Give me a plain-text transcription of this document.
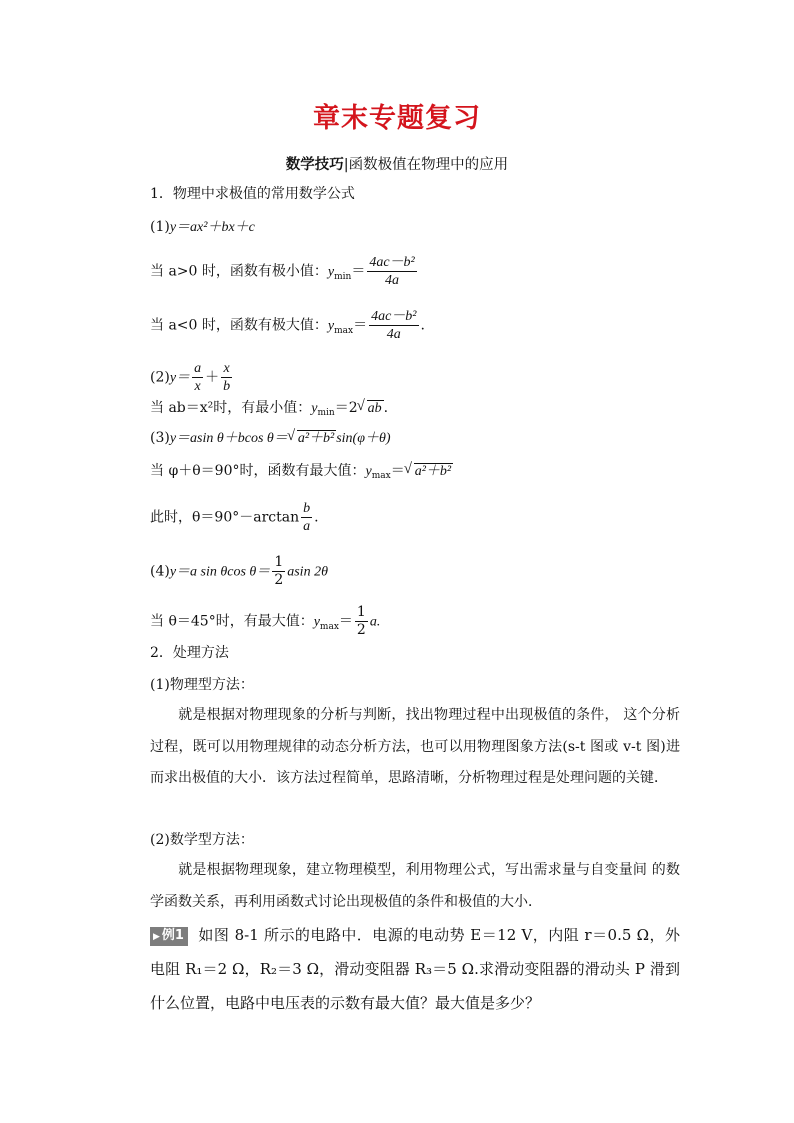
章末专题复习
数学技巧|函数极值在物理中的应用
1．物理中求极值的常用数学公式
(1)y＝ax²＋bx＋c
当 a>0 时，函数有极小值：$y_{min}= \frac{\text{4ac－b²}}{4a}$
当 a<0 时，函数有极大值：$y_{max}= \frac{\text{4ac－b²}}{4a}$ .
$(2)y= \frac{a}{x} + \frac{x}{b}$
当 ab＝x²时，有最小值：$y_{min}=2√$ ab .
(3)y＝asin θ＋bcos θ＝√ a²＋b² sin(φ＋θ)
当 φ＋θ＝90°时，函数有最大值：$y_{max}=√$ a²＋b²
此时，$\theta=90^\circ-\arctan \frac{b}{a}$ .
(4)y＝a sin θcos $\theta= \frac{1}{2}$ asin 2θ
当 θ＝45°时，有最大值：$y_{max}= \frac{1}{2} a$.
2．处理方法
(1)物理型方法：
就是根据对物理现象的分析与判断，找出物理过程中出现极值的条件， 这个分析过程，既可以用物理规律的动态分析方法，也可以用物理图象方法(s-t 图或 v-t 图)进而求出极值的大小．该方法过程简单，思路清晰，分析物理过程是处理问题的关键．
(2)数学型方法：
就是根据物理现象，建立物理模型，利用物理公式，写出需求量与自变量间 的数学函数关系，再利用函数式讨论出现极值的条件和极值的大小．
▶ 例1 如图 8-1 所示的电路中．电源的电动势 E＝12 V，内阻 r＝0.5 Ω，外电阻 R₁＝2 Ω，R₂＝3 Ω，滑动变阻器 R₃＝5 Ω.求滑动变阻器的滑动头 P 滑到什么位置，电路中电压表的示数有最大值？最大值是多少？
